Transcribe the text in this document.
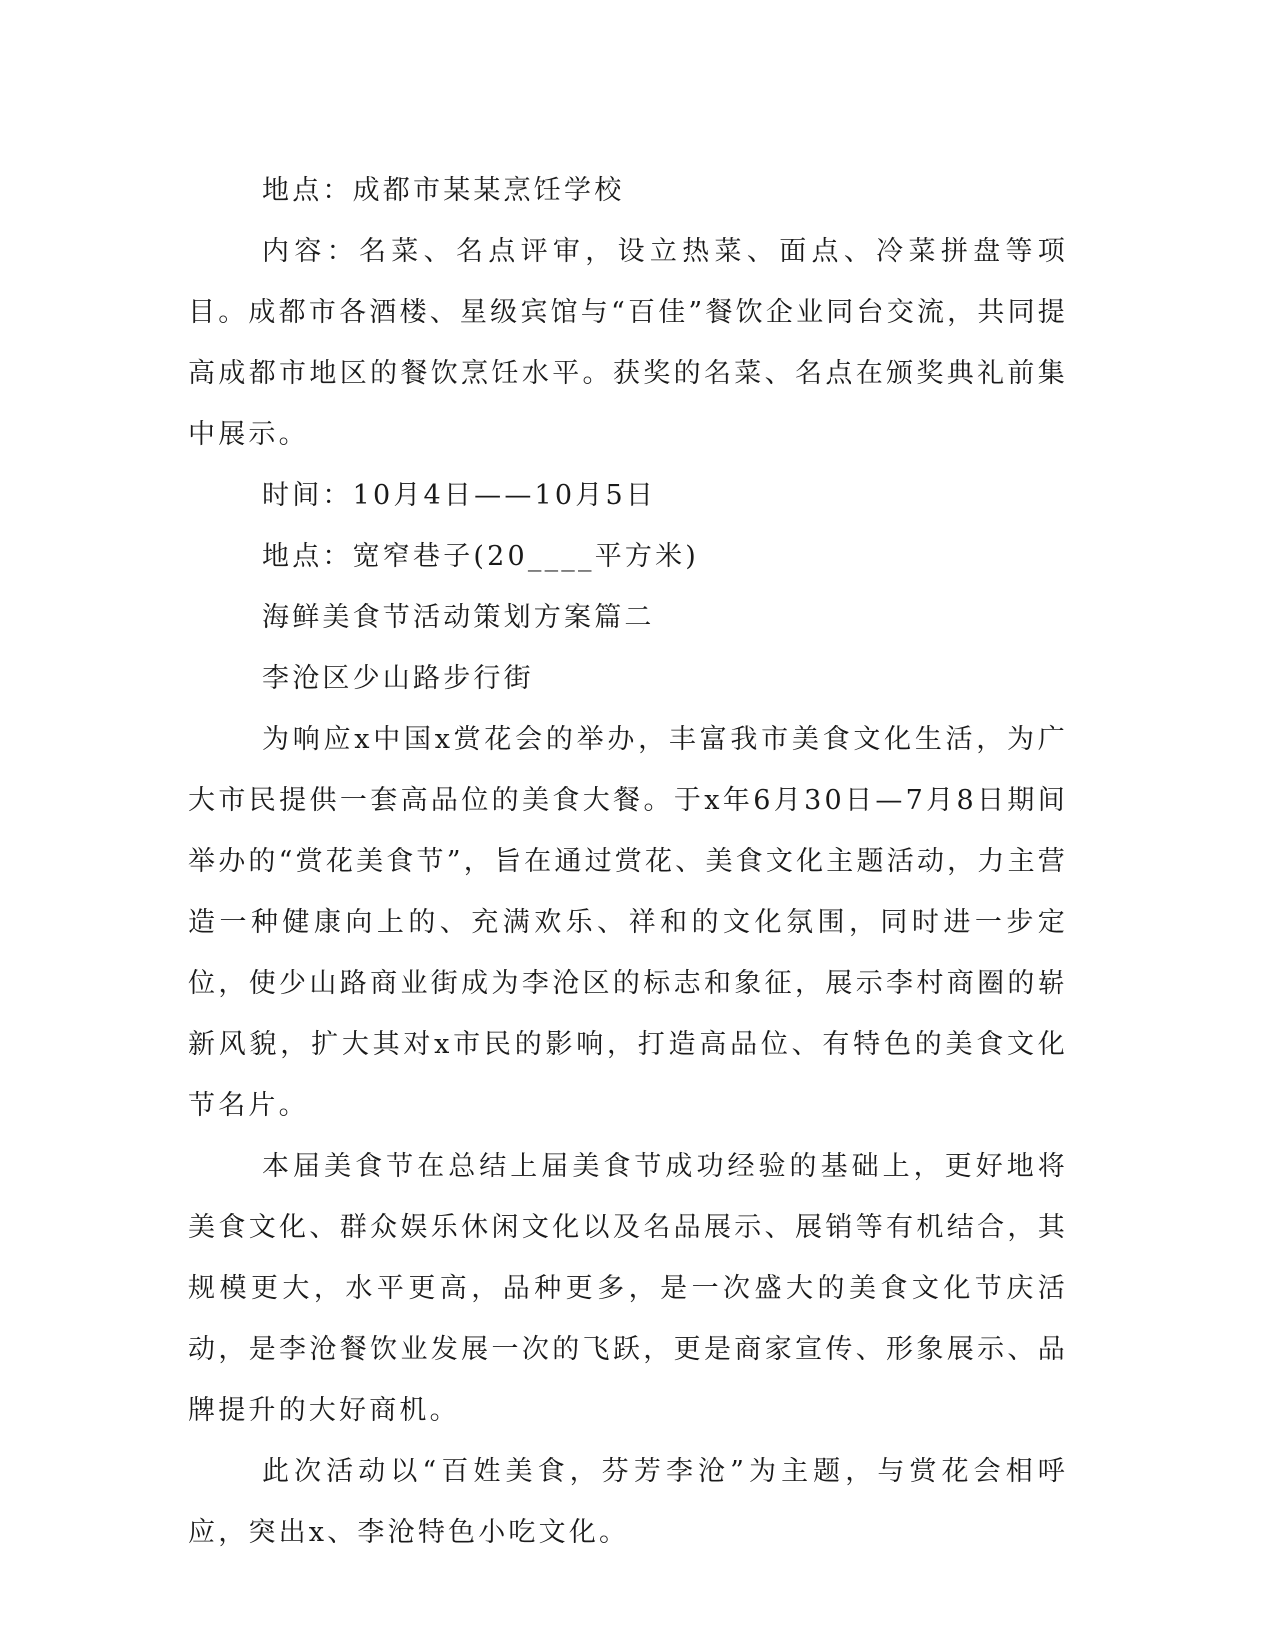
地点：成都市某某烹饪学校

内容：名菜、名点评审，设立热菜、面点、冷菜拼盘等项目。成都市各酒楼、星级宾馆与“百佳”餐饮企业同台交流，共同提高成都市地区的餐饮烹饪水平。获奖的名菜、名点在颁奖典礼前集中展示。

时间：10月4日——10月5日

地点：宽窄巷子(20____平方米)

海鲜美食节活动策划方案篇二

李沧区少山路步行街

为响应x中国x赏花会的举办，丰富我市美食文化生活，为广大市民提供一套高品位的美食大餐。于x年6月30日—7月8日期间举办的“赏花美食节”，旨在通过赏花、美食文化主题活动，力主营造一种健康向上的、充满欢乐、祥和的文化氛围，同时进一步定位，使少山路商业街成为李沧区的标志和象征，展示李村商圈的崭新风貌，扩大其对x市民的影响，打造高品位、有特色的美食文化节名片。

本届美食节在总结上届美食节成功经验的基础上，更好地将美食文化、群众娱乐休闲文化以及名品展示、展销等有机结合，其规模更大，水平更高，品种更多，是一次盛大的美食文化节庆活动，是李沧餐饮业发展一次的飞跃，更是商家宣传、形象展示、品牌提升的大好商机。

此次活动以“百姓美食，芬芳李沧”为主题，与赏花会相呼应，突出x、李沧特色小吃文化。
